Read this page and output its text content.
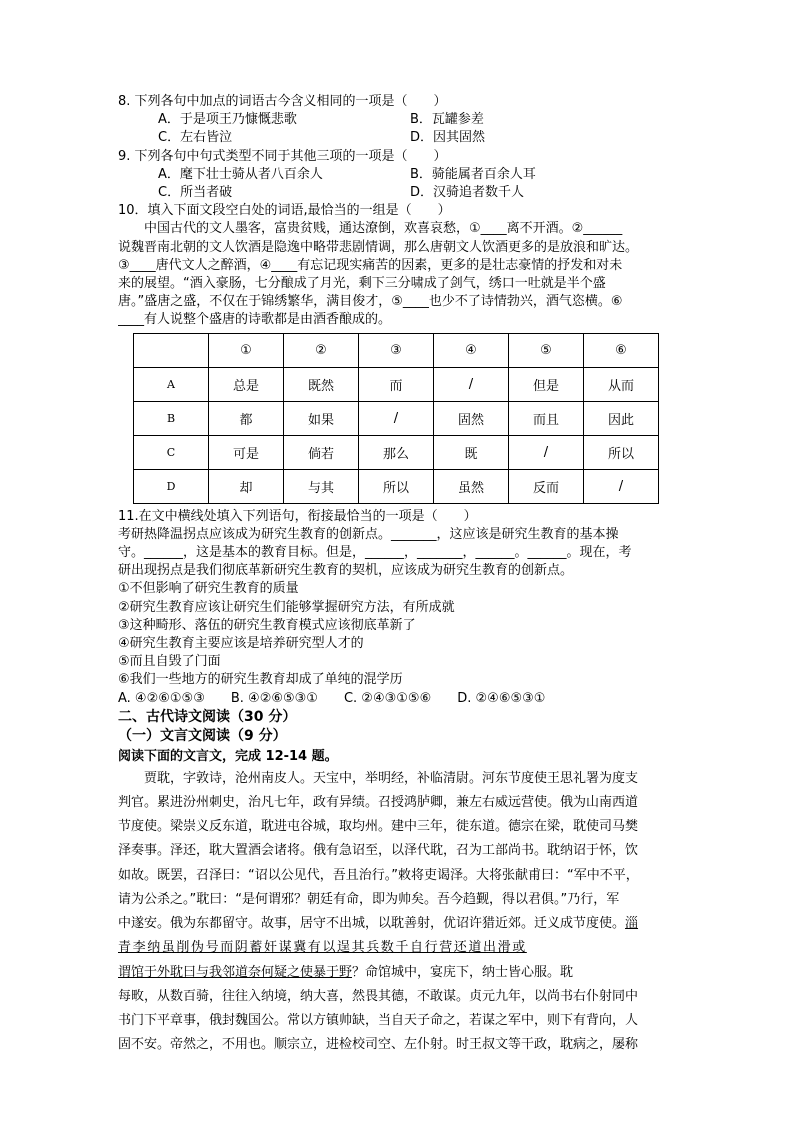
8. 下列各句中加点的词语古今含义相同的一项是（　　）

A．于是项王乃慷慨悲歌	B．瓦罐参差
C．左右皆泣	D．因其固然

9. 下列各句中句式类型不同于其他三项的一项是（　　）

A．麾下壮士骑从者八百余人	B．骑能属者百余人耳
C．所当者破	D．汉骑追者数千人

10．填入下面文段空白处的词语,最恰当的一组是（　　）

中国古代的文人墨客，富贵贫贱，通达潦倒，欢喜哀愁，①____离不开酒。②______

说魏晋南北朝的文人饮酒是隐逸中略带悲剧情调，那么唐朝文人饮酒更多的是放浪和旷达。

③____唐代文人之醉酒，④____有忘记现实痛苦的因素，更多的是壮志豪情的抒发和对未

来的展望。“酒入豪肠，七分酿成了月光，剩下三分啸成了剑气，绣口一吐就是半个盛

唐。”盛唐之盛，不仅在于锦绣繁华，满目俊才，⑤____也少不了诗情勃兴，酒气恣横。⑥

____有人说整个盛唐的诗歌都是由酒香酿成的。

	①	②	③	④	⑤	⑥
A	总是	既然	而	/	但是	从而
B	都	如果	/	固然	而且	因此
C	可是	倘若	那么	既	/	所以
D	却	与其	所以	虽然	反而	/

11.在文中横线处填入下列语句，衔接最恰当的一项是（　　）

考研热降温拐点应该成为研究生教育的创新点。_______，这应该是研究生教育的基本操

守。______，这是基本的教育目标。但是，______，_______，______。______。现在，考

研出现拐点是我们彻底革新研究生教育的契机，应该成为研究生教育的创新点。

①不但影响了研究生教育的质量

②研究生教育应该让研究生们能够掌握研究方法，有所成就

③这种畸形、落伍的研究生教育模式应该彻底革新了

④研究生教育主要应该是培养研究型人才的

⑤而且自毁了门面

⑥我们一些地方的研究生教育却成了单纯的混学历

A. ④②⑥①⑤③　　B. ④②⑥⑤③①　　C. ②④③①⑤⑥　　D. ②④⑥⑤③①

二、古代诗文阅读（30 分）

（一）文言文阅读（9 分）

阅读下面的文言文，完成 12-14 题。

贾耽，字敦诗，沧州南皮人。天宝中，举明经，补临清尉。河东节度使王思礼署为度支

判官。累进汾州刺史，治凡七年，政有异绩。召授鸿胪卿，兼左右威远营使。俄为山南西道

节度使。梁崇义反东道，耽进屯谷城，取均州。建中三年，徙东道。德宗在梁，耽使司马樊

泽奏事。泽还，耽大置酒会诸将。俄有急诏至，以泽代耽，召为工部尚书。耽纳诏于怀，饮

如故。既罢，召泽曰：“诏以公见代，吾且治行。”敕将吏谒泽。大将张献甫曰：“军中不平，

请为公杀之。”耽曰：“是何谓邪？朝廷有命，即为帅矣。吾今趋觐，得以君俱。”乃行，军

中遂安。俄为东都留守。故事，居守不出城，以耽善射，优诏许猎近郊。迁义成节度使。淄

青李纳虽削伪号而阴蓄奸谋冀有以逞其兵数千自行营还道出滑或

谓馆于外耽曰与我邻道奈何疑之使暴于野？命馆城中，宴庑下，纳士皆心服。耽

每畋，从数百骑，往往入纳境，纳大喜，然畏其德，不敢谋。贞元九年，以尚书右仆射同中

书门下平章事，俄封魏国公。常以方镇帅缺，当自天子命之，若谋之军中，则下有背向，人

固不安。帝然之，不用也。顺宗立，进检校司空、左仆射。时王叔文等干政，耽病之，屡称
